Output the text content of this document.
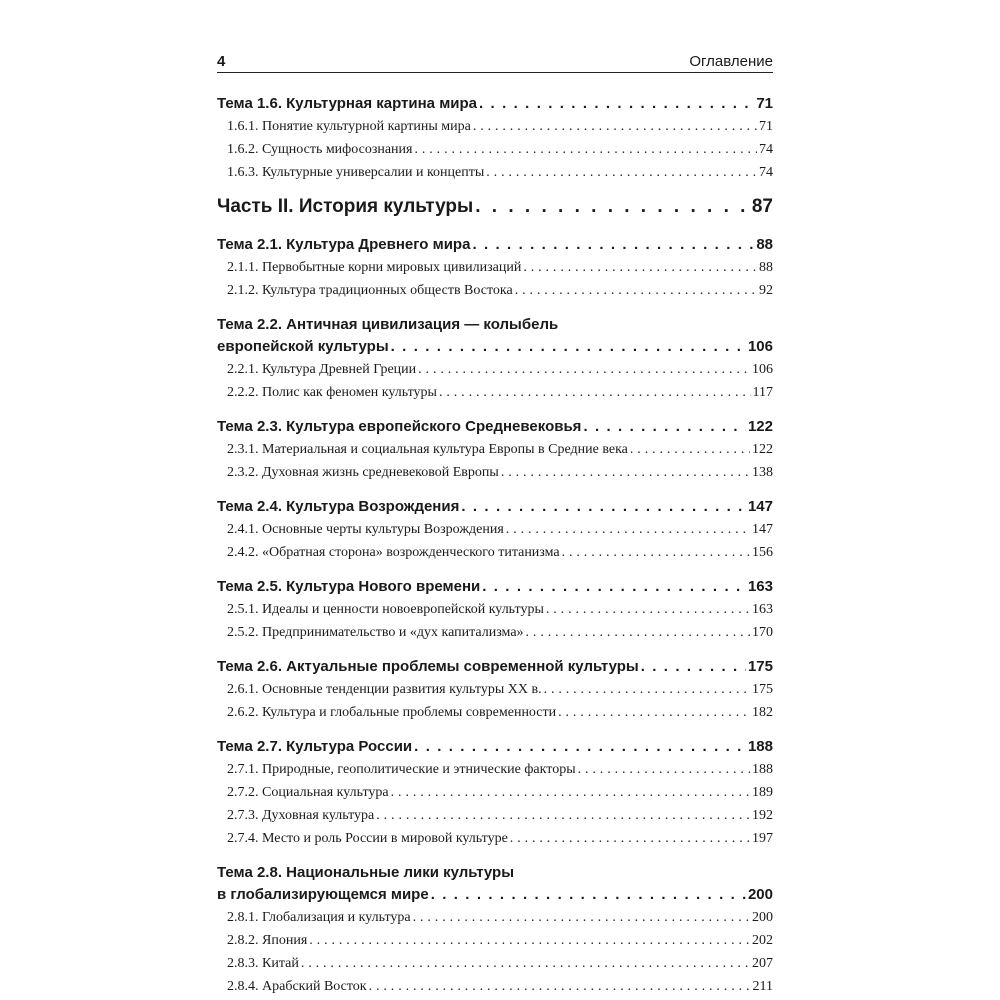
4	Оглавление
Тема 1.6. Культурная картина мира . . .	71
1.6.1. Понятие культурной картины мира . . .	71
1.6.2. Сущность мифосознания . . .	74
1.6.3. Культурные универсалии и концепты . . .	74
Часть II. История культуры . . .	87
Тема 2.1. Культура Древнего мира . . .	88
2.1.1. Первобытные корни мировых цивилизаций . . .	88
2.1.2. Культура традиционных обществ Востока . . .	92
Тема 2.2. Античная цивилизация — колыбель
европейской культуры . . .	106
2.2.1. Культура Древней Греции . . .	106
2.2.2. Полис как феномен культуры . . .	117
Тема 2.3. Культура европейского Средневековья . . .	122
2.3.1. Материальная и социальная культура Европы в Средние века . . .	122
2.3.2. Духовная жизнь средневековой Европы . . .	138
Тема 2.4. Культура Возрождения . . .	147
2.4.1. Основные черты культуры Возрождения . . .	147
2.4.2. «Обратная сторона» возрожденческого титанизма . . .	156
Тема 2.5. Культура Нового времени . . .	163
2.5.1. Идеалы и ценности новоевропейской культуры . . .	163
2.5.2. Предпринимательство и «дух капитализма» . . .	170
Тема 2.6. Актуальные проблемы современной культуры . . .	175
2.6.1. Основные тенденции развития культуры XX в. . . .	175
2.6.2. Культура и глобальные проблемы современности . . .	182
Тема 2.7. Культура России . . .	188
2.7.1. Природные, геополитические и этнические факторы . . .	188
2.7.2. Социальная культура . . .	189
2.7.3. Духовная культура . . .	192
2.7.4. Место и роль России в мировой культуре . . .	197
Тема 2.8. Национальные лики культуры
в глобализирующемся мире . . .	200
2.8.1. Глобализация и культура . . .	200
2.8.2. Япония . . .	202
2.8.3. Китай . . .	207
2.8.4. Арабский Восток . . .	211
